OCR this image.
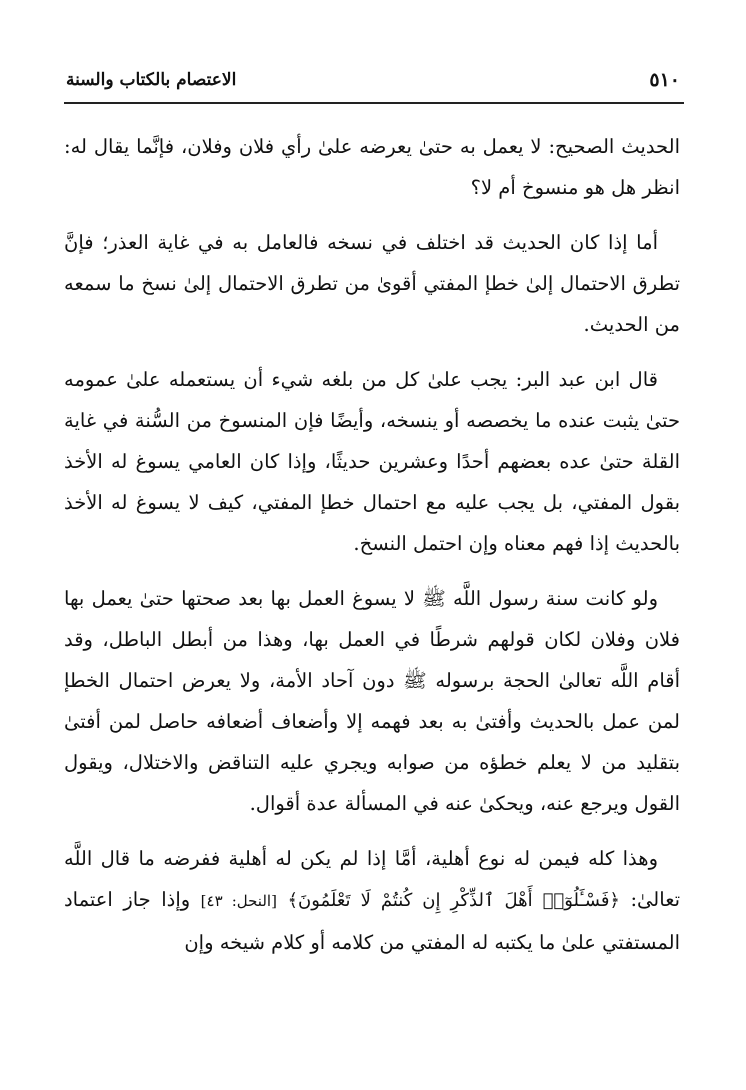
٥١٠
الاعتصام بالكتاب والسنة

الحديث الصحيح: لا يعمل به حتىٰ يعرضه علىٰ رأي فلان وفلان، فإنَّما يقال له: انظر هل هو منسوخ أم لا؟

أما إذا كان الحديث قد اختلف في نسخه فالعامل به في غاية العذر؛ فإنَّ تطرق الاحتمال إلىٰ خطإ المفتي أقوىٰ من تطرق الاحتمال إلىٰ نسخ ما سمعه من الحديث.

قال ابن عبد البر: يجب علىٰ كل من بلغه شيء أن يستعمله علىٰ عمومه حتىٰ يثبت عنده ما يخصصه أو ينسخه، وأيضًا فإن المنسوخ من السُّنة في غاية القلة حتىٰ عده بعضهم أحدًا وعشرين حديثًا، وإذا كان العامي يسوغ له الأخذ بقول المفتي، بل يجب عليه مع احتمال خطإ المفتي، كيف لا يسوغ له الأخذ بالحديث إذا فهم معناه وإن احتمل النسخ.

ولو كانت سنة رسول اللَّه ﷺ لا يسوغ العمل بها بعد صحتها حتىٰ يعمل بها فلان وفلان لكان قولهم شرطًا في العمل بها، وهذا من أبطل الباطل، وقد أقام اللَّه تعالىٰ الحجة برسوله ﷺ دون آحاد الأمة، ولا يعرض احتمال الخطإ لمن عمل بالحديث وأفتىٰ به بعد فهمه إلا وأضعاف أضعافه حاصل لمن أفتىٰ بتقليد من لا يعلم خطؤه من صوابه ويجري عليه التناقض والاختلال، ويقول القول ويرجع عنه، ويحكىٰ عنه في المسألة عدة أقوال.

وهذا كله فيمن له نوع أهلية، أمَّا إذا لم يكن له أهلية ففرضه ما قال اللَّه تعالىٰ: ﴿فَسْـَٔلُوٓا۟ أَهْلَ ٱلذِّكْرِ إِن كُنتُمْ لَا تَعْلَمُونَ﴾ [النحل: ٤٣] وإذا جاز اعتماد المستفتي علىٰ ما يكتبه له المفتي من كلامه أو كلام شيخه وإن
